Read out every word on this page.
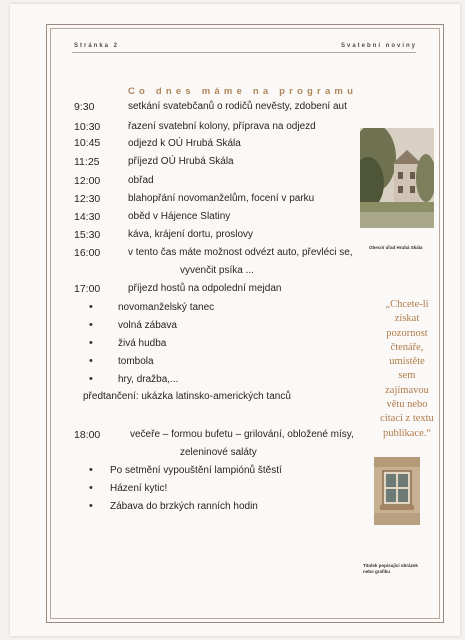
Stránka 2	Svatební noviny
Co dnes máme na programu
9:30	setkání svatebčanů o rodičů nevěsty, zdobení aut
10:30	řazení svatební kolony, příprava na odjezd
10:45	odjezd k OÚ Hrubá Skála
11:25	příjezd OÚ Hrubá Skála
12:00	obřad
12:30	blahopřání novomanželům, focení v parku
14:30	oběd v Hájence Slatiny
15:30	káva, krájení dortu, proslovy
16:00	v tento čas máte možnost odvézt auto, převléci se,
vyvenčit psíka ...
17:00	příjezd hostů na odpolední mejdan
•	novomanželský tanec
•	volná zábava
•	živá hudba
•	tombola
•	hry, dražba,...
předtančení: ukázka latinsko-amerických tanců
18:00	večeře – formou bufetu – grilování, obložené mísy,
zeleninové saláty
• Po setmění vypouštění lampiónů štěstí
• Házení kytic!
• Zábava do brzkých ranních hodin
Obecní úřad Hrubá Skála
„Chcete-li
získat
pozornost
čtenáře,
umístěte
sem
zajímavou
větu nebo
citaci z textu
publikace.“
Titulek popisující obrázek
nebo grafiku
